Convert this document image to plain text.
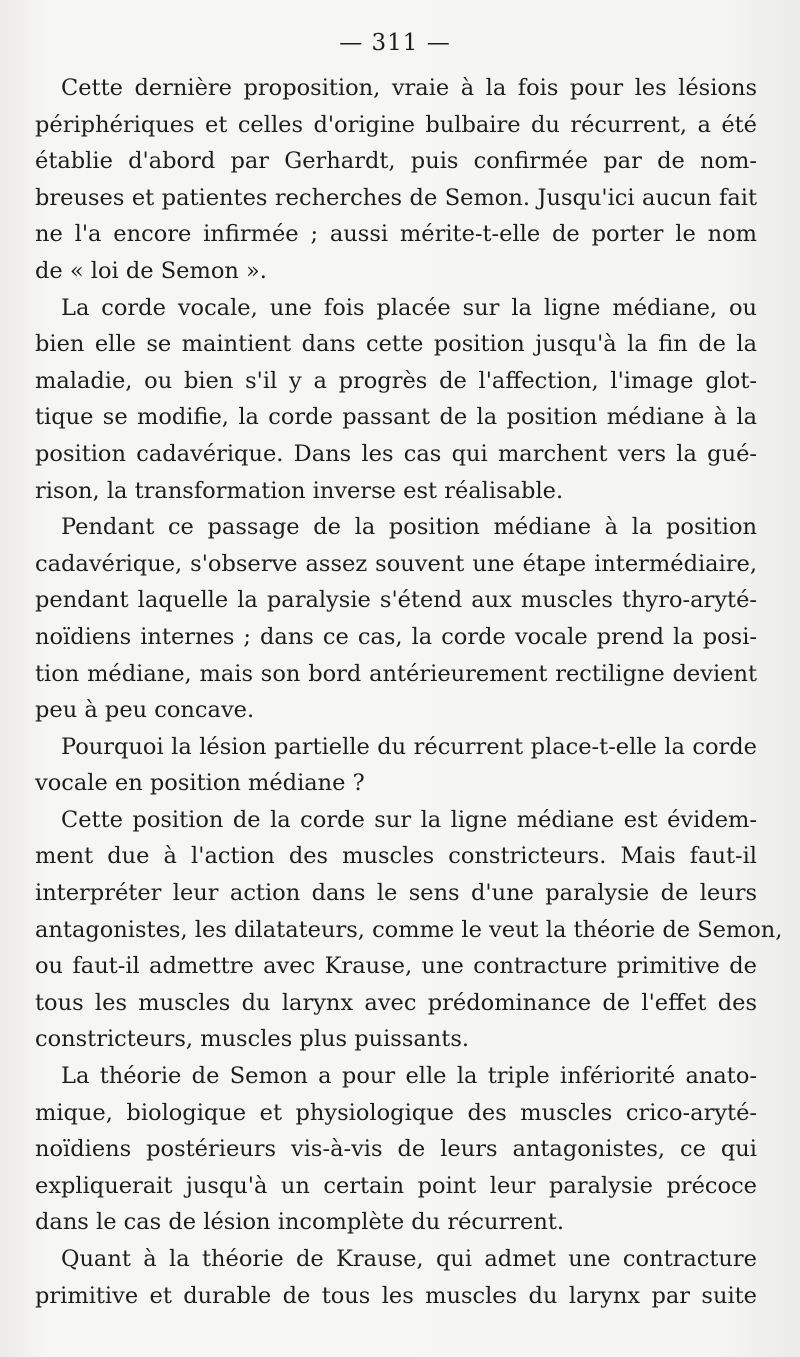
— 311 —

Cette dernière proposition, vraie à la fois pour les lésions
périphériques et celles d'origine bulbaire du récurrent, a été
établie d'abord par Gerhardt, puis confirmée par de nom-
breuses et patientes recherches de Semon. Jusqu'ici aucun fait
ne l'a encore infirmée ; aussi mérite-t-elle de porter le nom
de « loi de Semon ».

La corde vocale, une fois placée sur la ligne médiane, ou
bien elle se maintient dans cette position jusqu'à la fin de la
maladie, ou bien s'il y a progrès de l'affection, l'image glot-
tique se modifie, la corde passant de la position médiane à la
position cadavérique. Dans les cas qui marchent vers la gué-
rison, la transformation inverse est réalisable.

Pendant ce passage de la position médiane à la position
cadavérique, s'observe assez souvent une étape intermédiaire,
pendant laquelle la paralysie s'étend aux muscles thyro-aryté-
noïdiens internes ; dans ce cas, la corde vocale prend la posi-
tion médiane, mais son bord antérieurement rectiligne devient
peu à peu concave.

Pourquoi la lésion partielle du récurrent place-t-elle la corde
vocale en position médiane ?

Cette position de la corde sur la ligne médiane est évidem-
ment due à l'action des muscles constricteurs. Mais faut-il
interpréter leur action dans le sens d'une paralysie de leurs
antagonistes, les dilatateurs, comme le veut la théorie de Semon,
ou faut-il admettre avec Krause, une contracture primitive de
tous les muscles du larynx avec prédominance de l'effet des
constricteurs, muscles plus puissants.

La théorie de Semon a pour elle la triple infériorité anato-
mique, biologique et physiologique des muscles crico-aryté-
noïdiens postérieurs vis-à-vis de leurs antagonistes, ce qui
expliquerait jusqu'à un certain point leur paralysie précoce
dans le cas de lésion incomplète du récurrent.

Quant à la théorie de Krause, qui admet une contracture
primitive et durable de tous les muscles du larynx par suite
